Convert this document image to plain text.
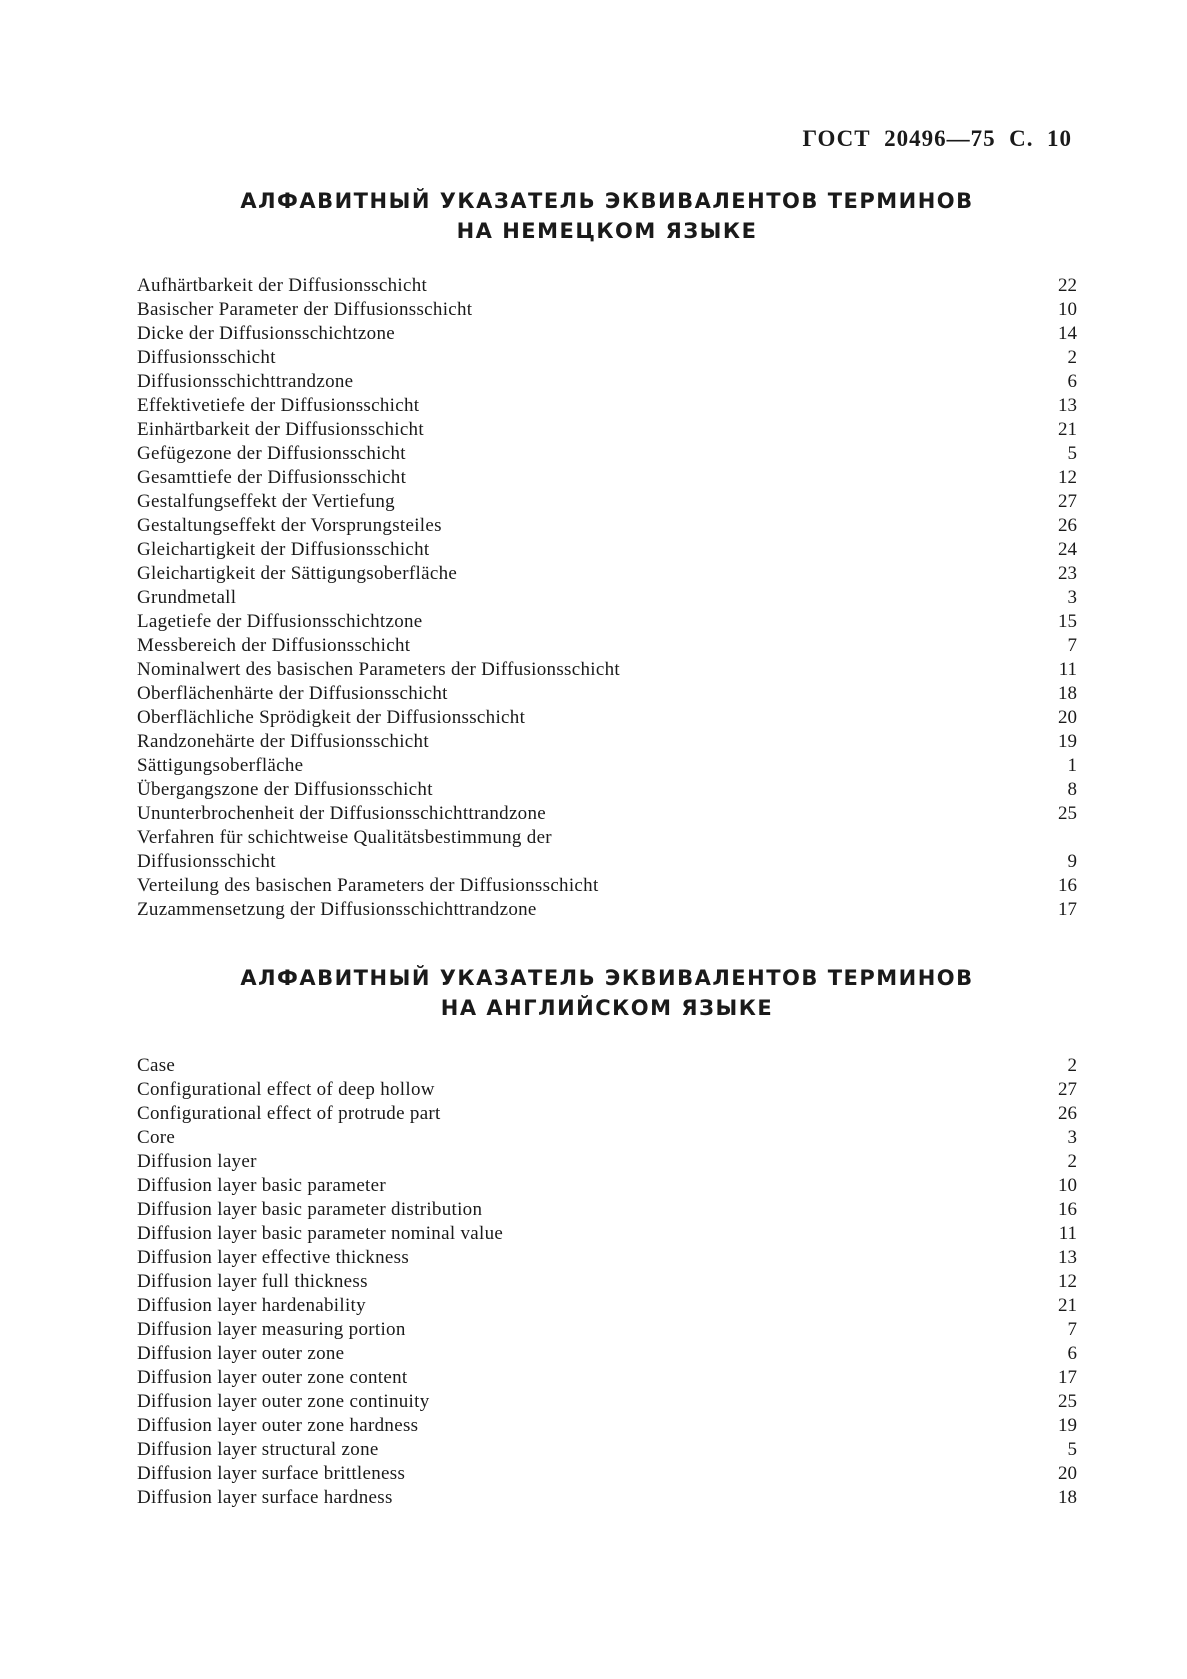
ГОСТ  20496—75  С.  10
АЛФАВИТНЫЙ УКАЗАТЕЛЬ ЭКВИВАЛЕНТОВ ТЕРМИНОВ
НА НЕМЕЦКОМ ЯЗЫКЕ
Aufhärtbarkeit der Diffusionsschicht	22
Basischer Parameter der Diffusionsschicht	10
Dicke der Diffusionsschichtzone	14
Diffusionsschicht	2
Diffusionsschichttrandzone	6
Effektivetiefe der Diffusionsschicht	13
Einhärtbarkeit der Diffusionsschicht	21
Gefügezone der Diffusionsschicht	5
Gesamttiefe der Diffusionsschicht	12
Gestalfungseffekt der Vertiefung	27
Gestaltungseffekt der Vorsprungsteiles	26
Gleichartigkeit der Diffusionsschicht	24
Gleichartigkeit der Sättigungsoberfläche	23
Grundmetall	3
Lagetiefe der Diffusionsschichtzone	15
Messbereich der Diffusionsschicht	7
Nominalwert des basischen Parameters der Diffusionsschicht	11
Oberflächenhärte der Diffusionsschicht	18
Oberflächliche Sprödigkeit der Diffusionsschicht	20
Randzonehärte der Diffusionsschicht	19
Sättigungsoberfläche	1
Übergangszone der Diffusionsschicht	8
Ununterbrochenheit der Diffusionsschichttrandzone	25
Verfahren für schichtweise Qualitätsbestimmung der
Diffusionsschicht	9
Verteilung des basischen Parameters der Diffusionsschicht	16
Zuzammensetzung der Diffusionsschichttrandzone	17
АЛФАВИТНЫЙ УКАЗАТЕЛЬ ЭКВИВАЛЕНТОВ ТЕРМИНОВ
НА АНГЛИЙСКОМ ЯЗЫКЕ
Case	2
Configurational effect of deep hollow	27
Configurational effect of protrude part	26
Core	3
Diffusion layer	2
Diffusion layer basic parameter	10
Diffusion layer basic parameter distribution	16
Diffusion layer basic parameter nominal value	11
Diffusion layer effective thickness	13
Diffusion layer full thickness	12
Diffusion layer hardenability	21
Diffusion layer measuring portion	7
Diffusion layer outer zone	6
Diffusion layer outer zone content	17
Diffusion layer outer zone continuity	25
Diffusion layer outer zone hardness	19
Diffusion layer structural zone	5
Diffusion layer surface brittleness	20
Diffusion layer surface hardness	18
